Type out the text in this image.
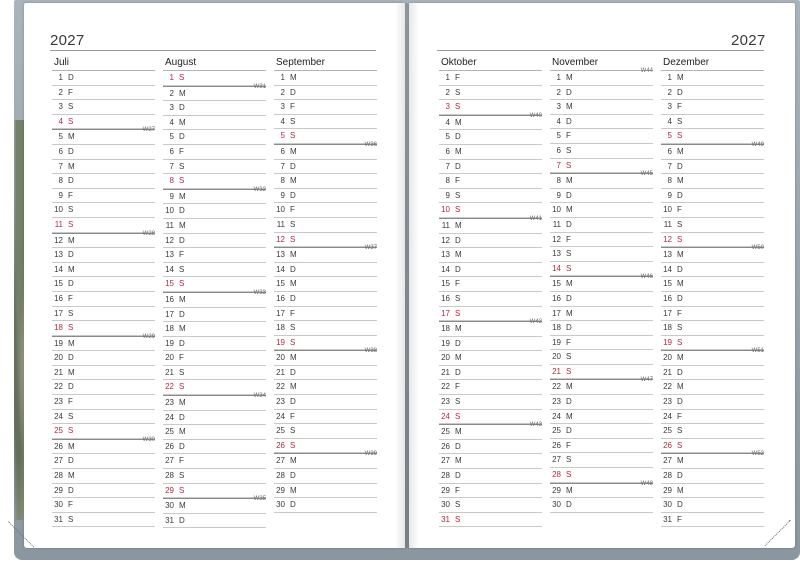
2027	2027
Juli
1 D
2 F
3 S
4 S
5 M
W27
6 D
7 M
8 D
9 F
10 S
11 S
12 M
W28
13 D
14 M
15 D
16 F
17 S
18 S
19 M
W29
20 D
21 M
22 D
23 F
24 S
25 S
26 M
W30
27 D
28 M
29 D
30 F
31 S
August
1 S
2 M
W31
3 D
4 M
5 D
6 F
7 S
8 S
9 M
W32
10 D
11 M
12 D
13 F
14 S
15 S
16 M
W33
17 D
18 M
19 D
20 F
21 S
22 S
23 M
W34
24 D
25 M
26 D
27 F
28 S
29 S
30 M
W35
31 D
September
1 M
2 D
3 F
4 S
5 S
6 M
W36
7 D
8 M
9 D
10 F
11 S
12 S
13 M
W37
14 D
15 M
16 D
17 F
18 S
19 S
20 M
W38
21 D
22 M
23 D
24 F
25 S
26 S
27 M
W39
28 D
29 M
30 D
Oktober
1 F
2 S
3 S
4 M
W40
5 D
6 M
7 D
8 F
9 S
10 S
11 M
W41
12 D
13 M
14 D
15 F
16 S
17 S
18 M
W42
19 D
20 M
21 D
22 F
23 S
24 S
25 M
W43
26 D
27 M
28 D
29 F
30 S
31 S
November
1 M
W44
2 D
3 M
4 D
5 F
6 S
7 S
8 M
W45
9 D
10 M
11 D
12 F
13 S
14 S
15 M
W46
16 D
17 M
18 D
19 F
20 S
21 S
22 M
W47
23 D
24 M
25 D
26 F
27 S
28 S
29 M
W48
30 D
Dezember
1 M
2 D
3 F
4 S
5 S
6 M
W49
7 D
8 M
9 D
10 F
11 S
12 S
13 M
W50
14 D
15 M
16 D
17 F
18 S
19 S
20 M
W51
21 D
22 M
23 D
24 F
25 S
26 S
27 M
W52
28 D
29 M
30 D
31 F
